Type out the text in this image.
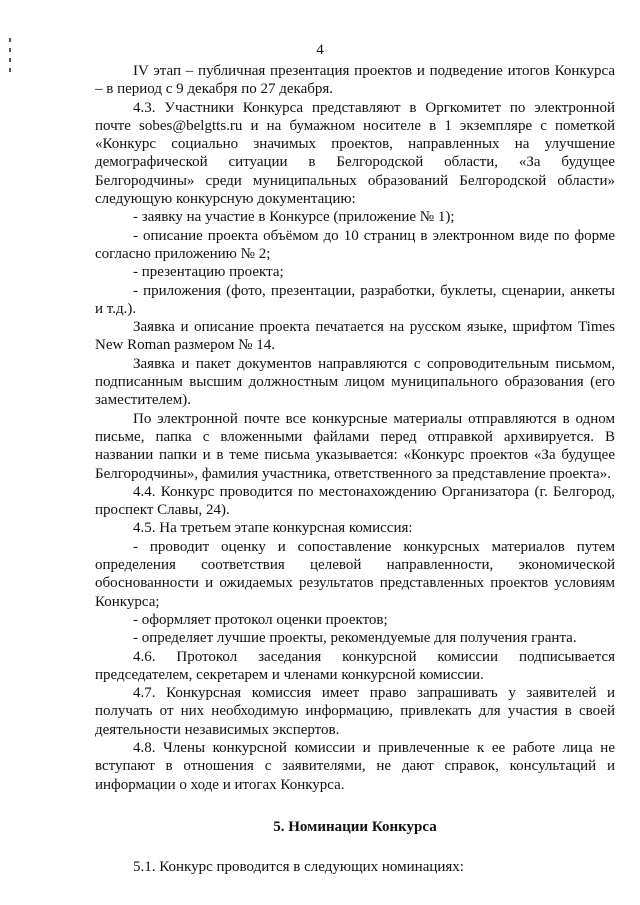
4

IV этап – публичная презентация проектов и подведение итогов Конкурса – в период с 9 декабря по 27 декабря.

4.3. Участники Конкурса представляют в Оргкомитет по электронной почте sobes@belgtts.ru и на бумажном носителе в 1 экземпляре с пометкой «Конкурс социально значимых проектов, направленных на улучшение демографической ситуации в Белгородской области, «За будущее Белгородчины» среди муниципальных образований Белгородской области» следующую конкурсную документацию:

- заявку на участие в Конкурсе (приложение № 1);

- описание проекта объёмом до 10 страниц в электронном виде по форме согласно приложению № 2;

- презентацию проекта;

- приложения (фото, презентации, разработки, буклеты, сценарии, анкеты и т.д.).

Заявка и описание проекта печатается на русском языке, шрифтом Times New Roman размером № 14.

Заявка и пакет документов направляются с сопроводительным письмом, подписанным высшим должностным лицом муниципального образования (его заместителем).

По электронной почте все конкурсные материалы отправляются в одном письме, папка с вложенными файлами перед отправкой архивируется. В названии папки и в теме письма указывается: «Конкурс проектов «За будущее Белгородчины», фамилия участника, ответственного за представление проекта».

4.4. Конкурс проводится по местонахождению Организатора (г. Белгород, проспект Славы, 24).

4.5. На третьем этапе конкурсная комиссия:

- проводит оценку и сопоставление конкурсных материалов путем определения соответствия целевой направленности, экономической обоснованности и ожидаемых результатов представленных проектов условиям Конкурса;

- оформляет протокол оценки проектов;

- определяет лучшие проекты, рекомендуемые для получения гранта.

4.6. Протокол заседания конкурсной комиссии подписывается председателем, секретарем и членами конкурсной комиссии.

4.7. Конкурсная комиссия имеет право запрашивать у заявителей и получать от них необходимую информацию, привлекать для участия в своей деятельности независимых экспертов.

4.8. Члены конкурсной комиссии и привлеченные к ее работе лица не вступают в отношения с заявителями, не дают справок, консультаций и информации о ходе и итогах Конкурса.

5. Номинации Конкурса

5.1. Конкурс проводится в следующих номинациях:
